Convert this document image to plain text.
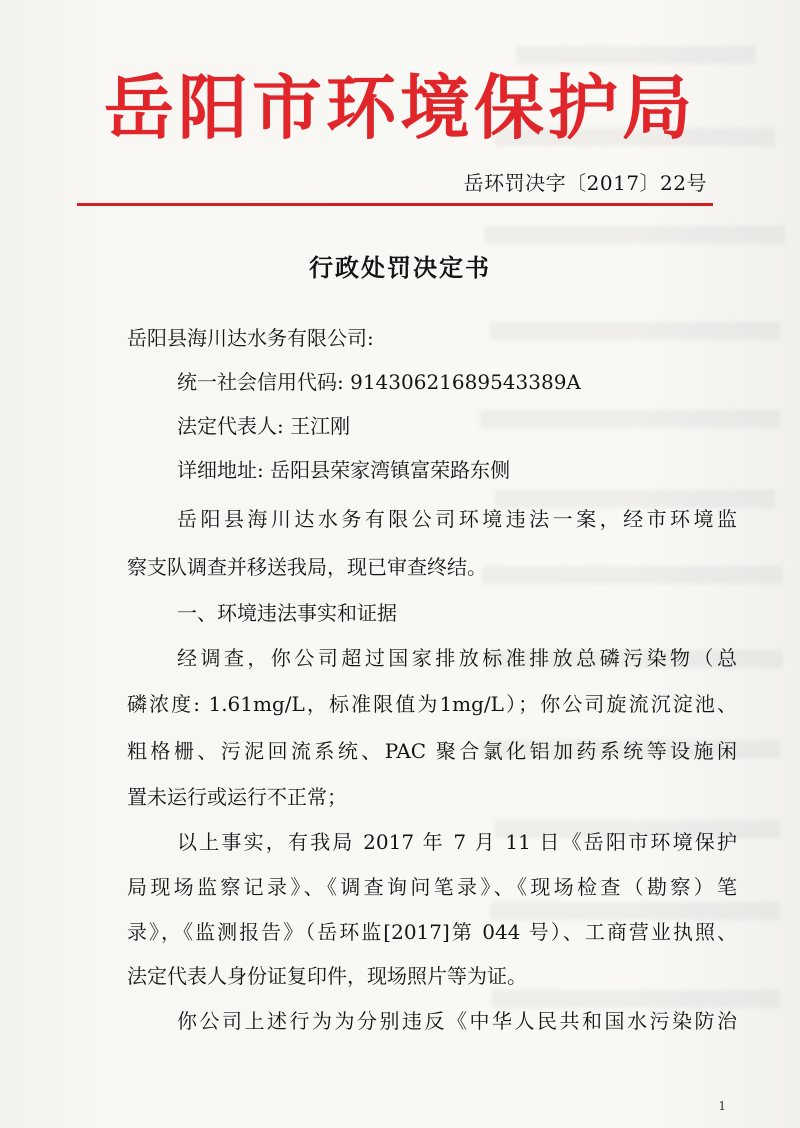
岳阳市环境保护局
岳环罚决字〔2017〕22号
行政处罚决定书
岳阳县海川达水务有限公司:
统一社会信用代码: 91430621689543389A
法定代表人: 王江刚
详细地址: 岳阳县荣家湾镇富荣路东侧
岳阳县海川达水务有限公司环境违法一案，经市环境监
察支队调查并移送我局，现已审查终结。
一、环境违法事实和证据
经调查，你公司超过国家排放标准排放总磷污染物（总
磷浓度: 1.61mg/L，标准限值为1mg/L）；你公司旋流沉淀池、
粗格栅、污泥回流系统、PAC 聚合氯化铝加药系统等设施闲
置未运行或运行不正常；
以上事实，有我局 2017 年 7 月 11 日《岳阳市环境保护
局现场监察记录》、《调查询问笔录》、《现场检查（勘察）笔
录》，《监测报告》（岳环监[2017]第 044 号）、工商营业执照、
法定代表人身份证复印件，现场照片等为证。
你公司上述行为为分别违反《中华人民共和国水污染防治
1
